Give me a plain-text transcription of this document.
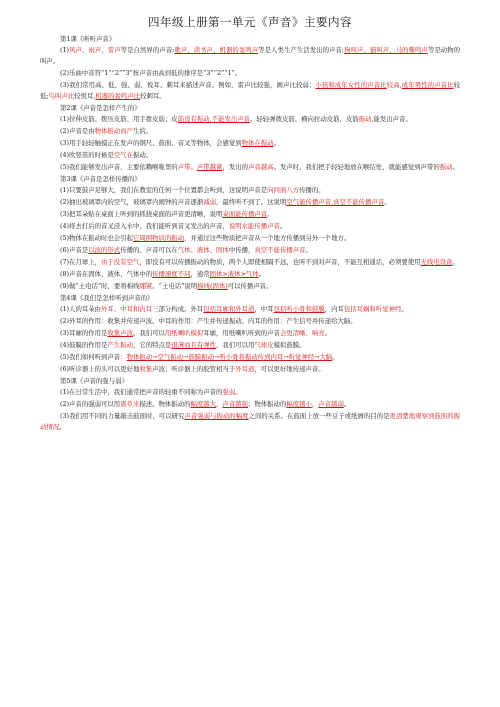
四年级上册第一单元《声音》主要内容

第1课《听听声音》

(1)风声、雨声、雷声等是自然界的声音;歌声、读书声、机器的轰鸣声等是人类生产生活发出的声音;狗叫声、猫叫声、马的嘶鸣声等是动物的叫声。

(2)乐曲中音符“1”“2”“3”按声音由高到低的排序是“3”“2”“1”。

(3)我们常用高、低、强、弱、悦耳、刺耳来描述声音。例如，雷声比较强，画声比较弱；小孩和成年女性的声音比较高,成年男性的声音比较低;鸟叫声比较悦耳,机器的轰鸣声比较刺耳。

第2课《声音是怎样产生的》

(1)拉伸皮筋、拨压皮筋、用手拨皮筋；皮筋没有振动,不能发出声音。轻轻弹拨皮筋、横向拉动皮筋，皮筋振动,能发出声音。

(2)声音是由物体振动而产生的。

(3)用手轻轻触摸正在发声的钢尺、鼓面、音叉等物体，会感觉到物体在振动。

(4)吹竖笛的时候是空气在振动。

(5)我们能够发出声音，主要依赖喉咙里的声带。声带越紧，发出的声音越高。发声时，我们把手轻轻地放在喉结处，就能感觉到声带的振动。

第3课《声音是怎样传播的》

(1)只要鼓声足够大，我们在教室的任何一个位置都会听到，这说明声音是向四面八方传播的。

(2)抽出玻璃罩内的空气，玻璃罩内闹钟的声音逐渐减弱，最终听不到了。这说明空气能传播声音,真空不能传播声音。

(3)把耳朵贴在桌面上听到的抓挠桌面的声音更清晰，说明桌面能传播声音。

(4)将去打后的音叉浸入水中，我们能听到音叉发出的声音，说明水能传播声音。

(5)物体在振动时也会引起它周围物质的振动，并通过这些物质把声音从一个地方传播到另外一个地方。

(6)声音是以波的形式传播的。声音可以在气体、液体、固体中传播，真空不能传播声音。

(7)在月球上，由于没有空气，即没有可以传播振动的物质，两个人即使相隔不远，也听不到对声音，不能互相通话，必须要使用无线电设备。

(8)声音在固体、液体、气体中的传播速度不同，通常固体>液体>气体。

(9)做“土电话”时，要将棉线绷紧。“土电话”说明棉线(固体)可以传播声音。

第4课《我们是怎样听到声音的》

(1)人的耳朵由外耳、中耳和内耳三部分构成。外耳包括耳廓和外耳道，中耳包括听小骨和鼓膜，内耳包括耳蜗和听觉神经。

(2)外耳的作用：收集并传递声波。中耳的作用：产生并传递振动。内耳的作用：产生信号并传递给大脑。

(3)耳廓的作用是收集声波。我们可以用纸喇叭模拟耳廓，用纸喇叭听到的声音会更清晰、响亮。

(4)鼓膜的作用是产生振动，它的特点是很薄而且有弹性，我们可以用气球皮模拟鼓膜。

(5)我们如何听到声音：物体振动→空气振动→鼓膜振动→听小骨将振动传到内耳→听觉神经→大脑。

(6)听诊器上的头可以更好地收集声波；听诊器上的胶管相当于外耳道，可以更好地传递声音。

第5课《声音的强与弱》

(1)在日常生活中，我们通常把声音的轻重不同称为声音的强弱。

(2)声音的强弱可以用震草来描述。物体振动的幅度越大，声音越强；物体振动的幅度越小，声音越弱。

(3)我们用不同的力量敲击鼓面时，可以研究声音强弱与振动的幅度之间的关系。在鼓面上放一些豆子或纸屑的目的是更清楚地观察到鼓面的振动情况。
